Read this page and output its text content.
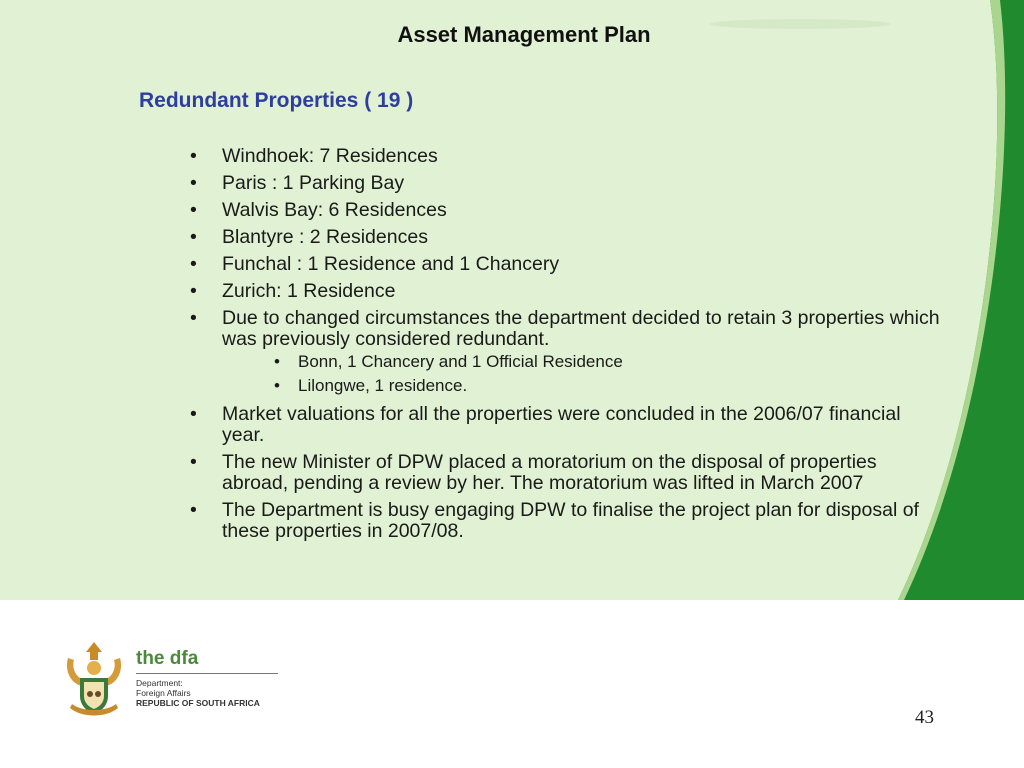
Asset Management Plan
Redundant Properties ( 19 )
• Windhoek: 7 Residences
• Paris : 1 Parking Bay
• Walvis Bay: 6 Residences
• Blantyre : 2 Residences
• Funchal : 1 Residence and 1 Chancery
• Zurich: 1 Residence
• Due to changed circumstances the department decided to retain 3 properties which was previously considered redundant.
• Bonn, 1 Chancery and 1 Official Residence
• Lilongwe, 1 residence.
• Market valuations for all the properties were concluded in the 2006/07 financial year.
• The new Minister of DPW placed a moratorium on the disposal of properties abroad, pending a review by her. The moratorium was lifted in March 2007
• The Department is busy engaging DPW to finalise the project plan for disposal of these properties in 2007/08.
the dfa
Department:
Foreign Affairs
REPUBLIC OF SOUTH AFRICA
43
